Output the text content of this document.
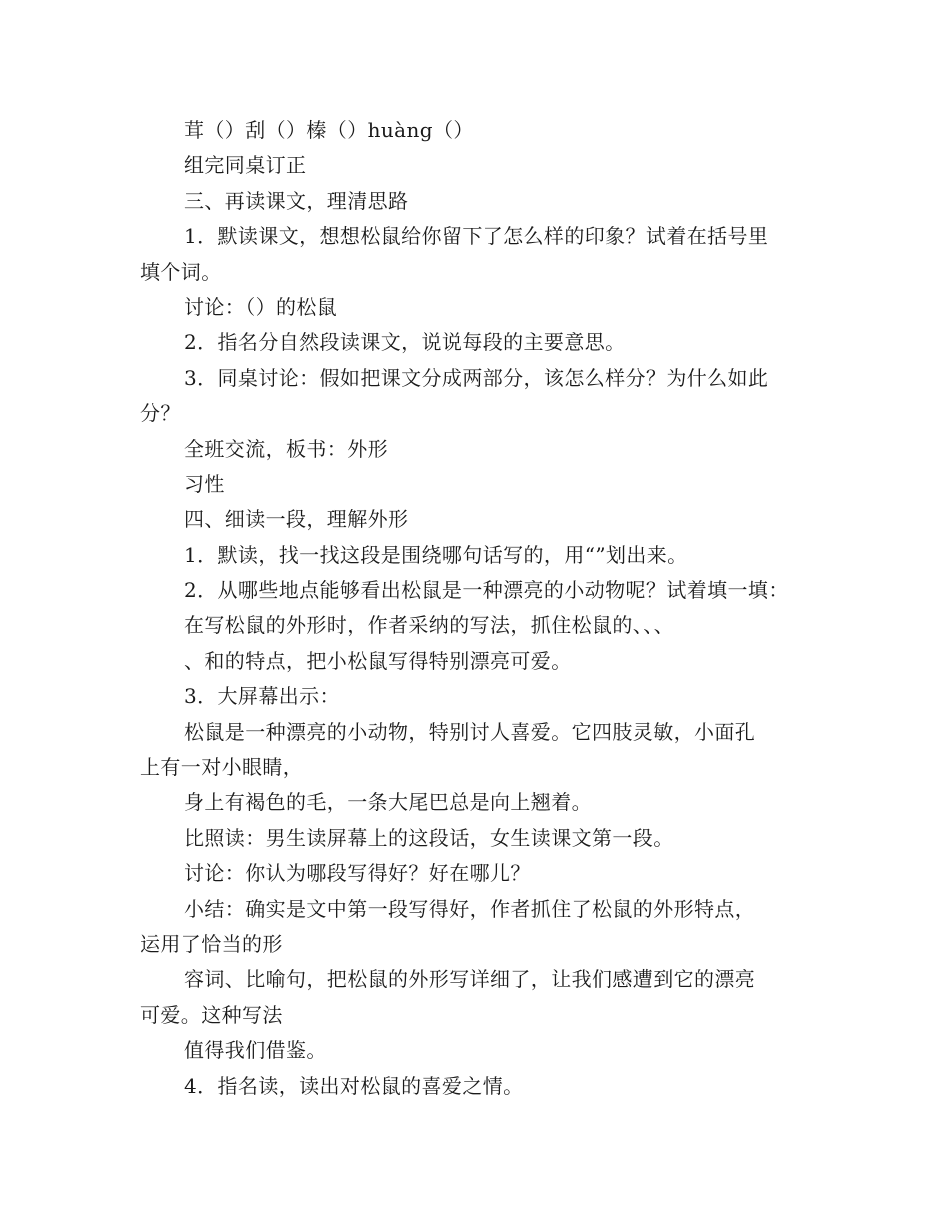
茸（）刮（）榛（）huàng（）
组完同桌订正
三、再读课文，理清思路
1．默读课文，想想松鼠给你留下了怎么样的印象？试着在括号里
填个词。
讨论：（）的松鼠
2．指名分自然段读课文，说说每段的主要意思。
3．同桌讨论：假如把课文分成两部分，该怎么样分？为什么如此
分？
全班交流，板书：外形
习性
四、细读一段，理解外形
1．默读，找一找这段是围绕哪句话写的，用“”划出来。
2．从哪些地点能够看出松鼠是一种漂亮的小动物呢？试着填一填：
在写松鼠的外形时，作者采纳的写法，抓住松鼠的、、、
、和的特点，把小松鼠写得特别漂亮可爱。
3．大屏幕出示：
松鼠是一种漂亮的小动物，特别讨人喜爱。它四肢灵敏，小面孔
上有一对小眼睛，
身上有褐色的毛，一条大尾巴总是向上翘着。
比照读：男生读屏幕上的这段话，女生读课文第一段。
讨论：你认为哪段写得好？好在哪儿？
小结：确实是文中第一段写得好，作者抓住了松鼠的外形特点，
运用了恰当的形
容词、比喻句，把松鼠的外形写详细了，让我们感遭到它的漂亮
可爱。这种写法
值得我们借鉴。
4．指名读，读出对松鼠的喜爱之情。
